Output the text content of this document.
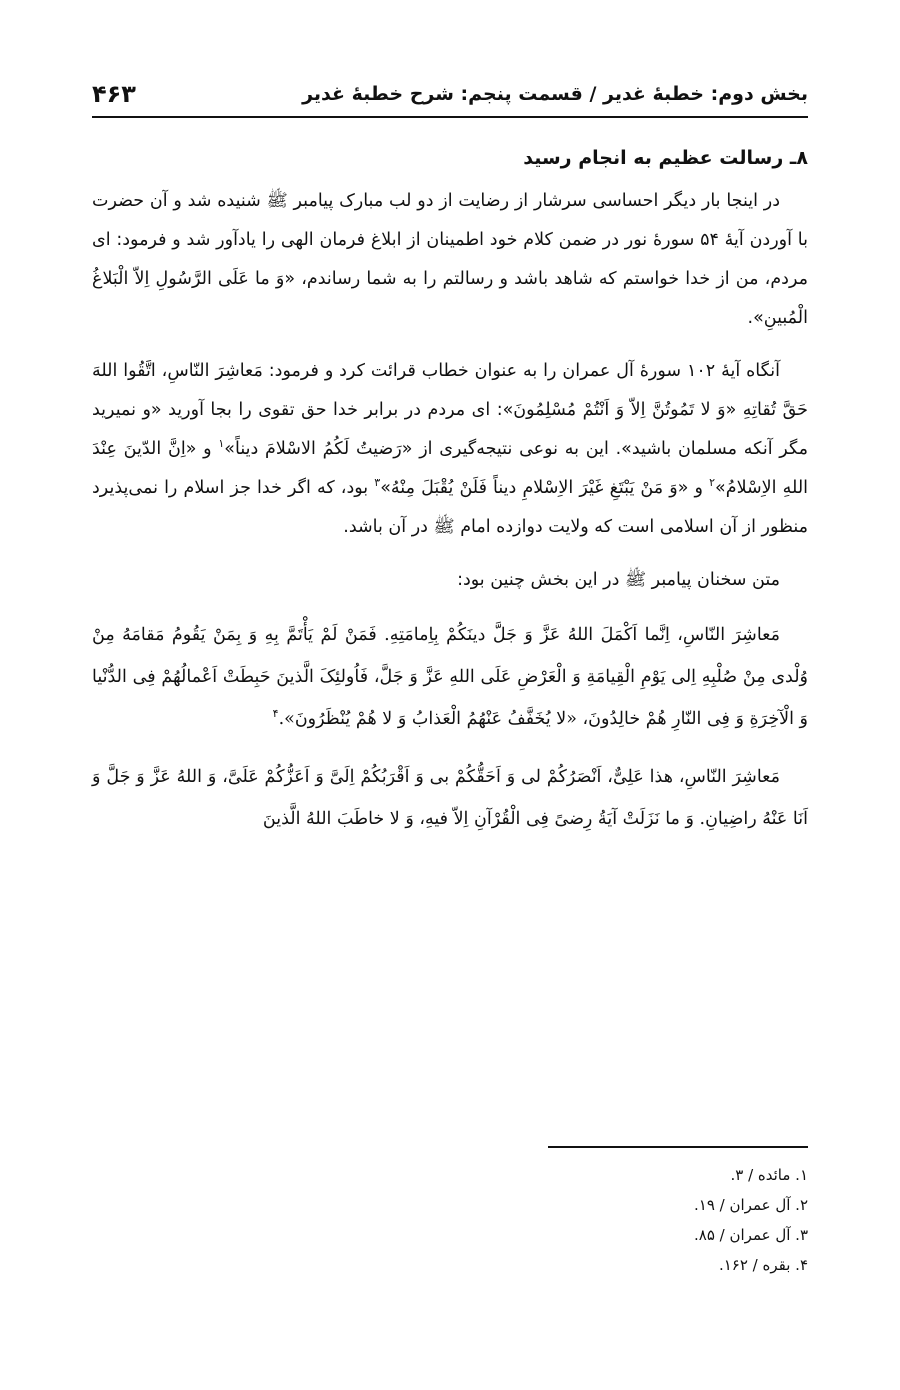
بخش دوم: خطبهٔ غدیر / قسمت پنجم: شرح خطبهٔ غدیر
۴۶۳
۸ـ رسالت عظیم به انجام رسید

در اینجا بار دیگر احساسی سرشار از رضایت از دو لب مبارک پیامبر ﷺ شنیده شد و آن حضرت با آوردن آیهٔ ۵۴ سورهٔ نور در ضمن کلام خود اطمینان از ابلاغ فرمان الهی را یادآور شد و فرمود: ای مردم، من از خدا خواستم که شاهد باشد و رسالتم را به شما رساندم، «وَ ما عَلَی الرَّسُولِ اِلاّ الْبَلاغُ الْمُبینِ».

آنگاه آیهٔ ۱۰۲ سورهٔ آل عمران را به عنوان خطاب قرائت کرد و فرمود: مَعاشِرَ النّاسِ، اتَّقُوا اللهَ حَقَّ تُقاتِهِ «وَ لا تَمُوتُنَّ اِلاّ وَ اَنْتُمْ مُسْلِمُونَ»: ای مردم در برابر خدا حق تقوی را بجا آورید «و نمیرید مگر آنکه مسلمان باشید». این به نوعی نتیجه‌گیری از «رَضیتُ لَکُمُ الاسْلامَ دیناً»$^۱$ و «اِنَّ الدّینَ عِنْدَ اللهِ الاِسْلامُ»$^۲$ و «وَ مَنْ یَبْتَغِ غَیْرَ الاِسْلامِ دیناً فَلَنْ یُقْبَلَ مِنْهُ»$^۳$ بود، که اگر خدا جز اسلام را نمی‌پذیرد منظور از آن اسلامی است که ولایت دوازده امام ﷺ در آن باشد.

متن سخنان پیامبر ﷺ در این بخش چنین بود:

مَعاشِرَ النّاسِ، اِنَّما اَکْمَلَ اللهُ عَزَّ وَ جَلَّ دینَکُمْ بِاِمامَتِهِ. فَمَنْ لَمْ یَأْتَمَّ بِهِ وَ بِمَنْ یَقُومُ مَقامَهُ مِنْ وُلْدی مِنْ صُلْبِهِ اِلی یَوْمِ الْقِیامَةِ وَ الْعَرْضِ عَلَی اللهِ عَزَّ وَ جَلَّ، فَاُولئِکَ الَّذینَ حَبِطَتْ اَعْمالُهُمْ فِی الدُّنْیا وَ الْآخِرَةِ وَ فِی النّارِ هُمْ خالِدُونَ، «لا یُخَفَّفُ عَنْهُمُ الْعَذابُ وَ لا هُمْ یُنْظَرُونَ».$^۴$

مَعاشِرَ النّاسِ، هذا عَلِیٌّ، اَنْصَرُکُمْ لی وَ اَحَقُّکُمْ بی وَ اَقْرَبُکُمْ اِلَیَّ وَ اَعَزُّکُمْ عَلَیَّ، وَ اللهُ عَزَّ وَ جَلَّ وَ اَنَا عَنْهُ راضِیانِ. وَ ما نَزَلَتْ آیَةُ رِضیً فِی الْقُرْآنِ اِلاّ فیهِ، وَ لا خاطَبَ اللهُ الَّذینَ

۱. مائده / ۳.
۲. آل عمران / ۱۹.
۳. آل عمران / ۸۵.
۴. بقره / ۱۶۲.
